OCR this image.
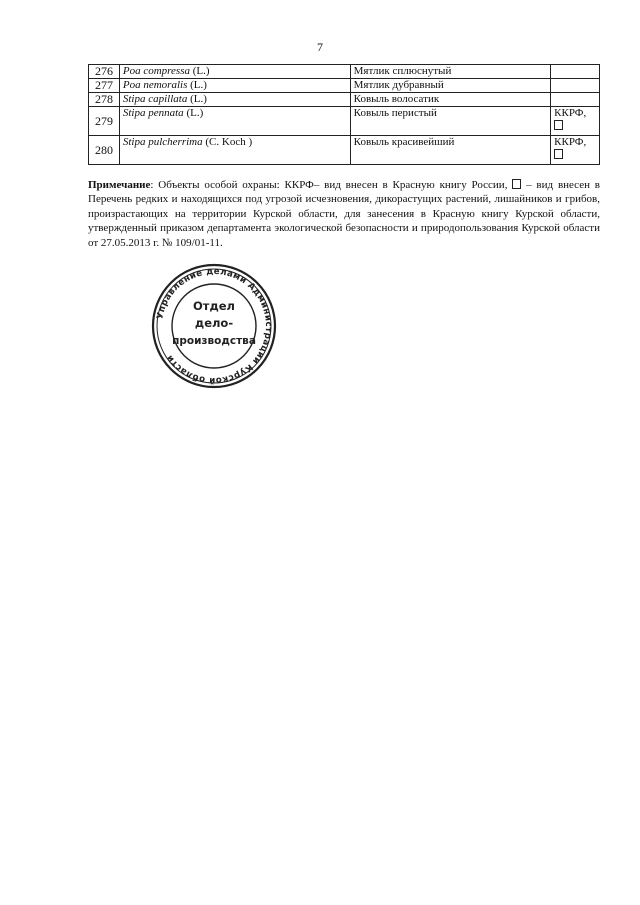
7
276	Poa compressa (L.)	Мятлик сплюснутый	
277	Poa nemoralis (L.)	Мятлик дубравный	
278	Stipa capillata (L.)	Ковыль волосатик	
279	Stipa pennata (L.)	Ковыль перистый	ККРФ,

280	Stipa pulcherrima (C. Koch )	Ковыль красивейший	ККРФ,

Примечание: Объекты особой охраны: ККРФ– вид внесен в Красную книгу России,  – вид внесен в Перечень редких и находящихся под угрозой исчезновения, дикорастущих растений, лишайников и грибов, произрастающих на территории Курской области, для занесения в Красную книгу Курской области, утвержденный приказом департамента экологической безопасности и природопользования Курской области от 27.05.2013 г. № 109/01-11.
Управление делами Администрации Курской области
Отдел
дело-
производства
